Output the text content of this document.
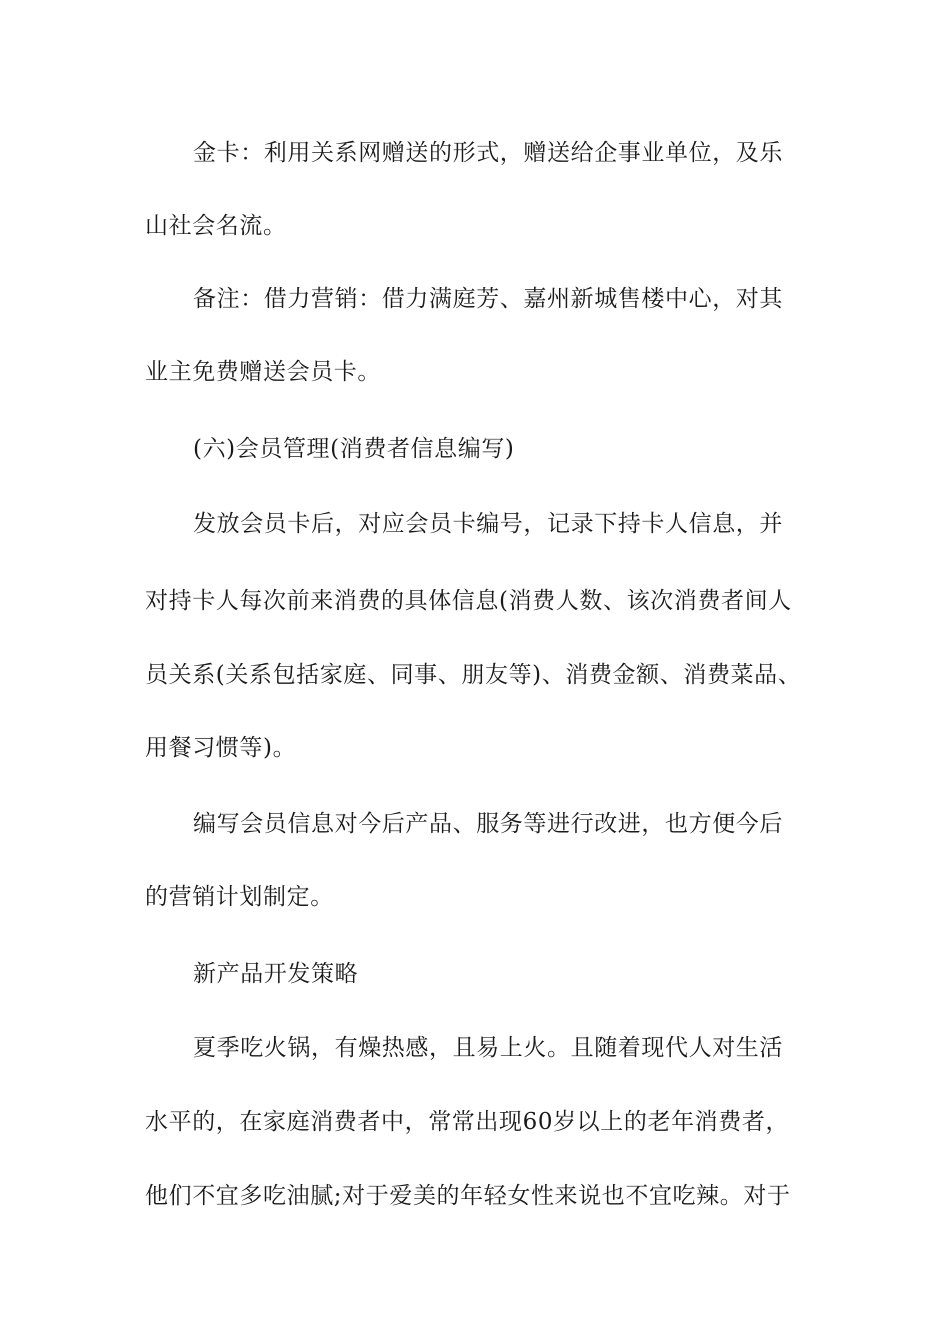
金卡：利用关系网赠送的形式，赠送给企事业单位，及乐
山社会名流。
备注：借力营销：借力满庭芳、嘉州新城售楼中心，对其
业主免费赠送会员卡。
(六)会员管理(消费者信息编写)
发放会员卡后，对应会员卡编号，记录下持卡人信息，并
对持卡人每次前来消费的具体信息(消费人数、该次消费者间人
员关系(关系包括家庭、同事、朋友等)、消费金额、消费菜品、
用餐习惯等)。
编写会员信息对今后产品、服务等进行改进，也方便今后
的营销计划制定。
新产品开发策略
夏季吃火锅，有燥热感，且易上火。且随着现代人对生活
水平的，在家庭消费者中，常常出现60岁以上的老年消费者，
他们不宜多吃油腻;对于爱美的年轻女性来说也不宜吃辣。对于
